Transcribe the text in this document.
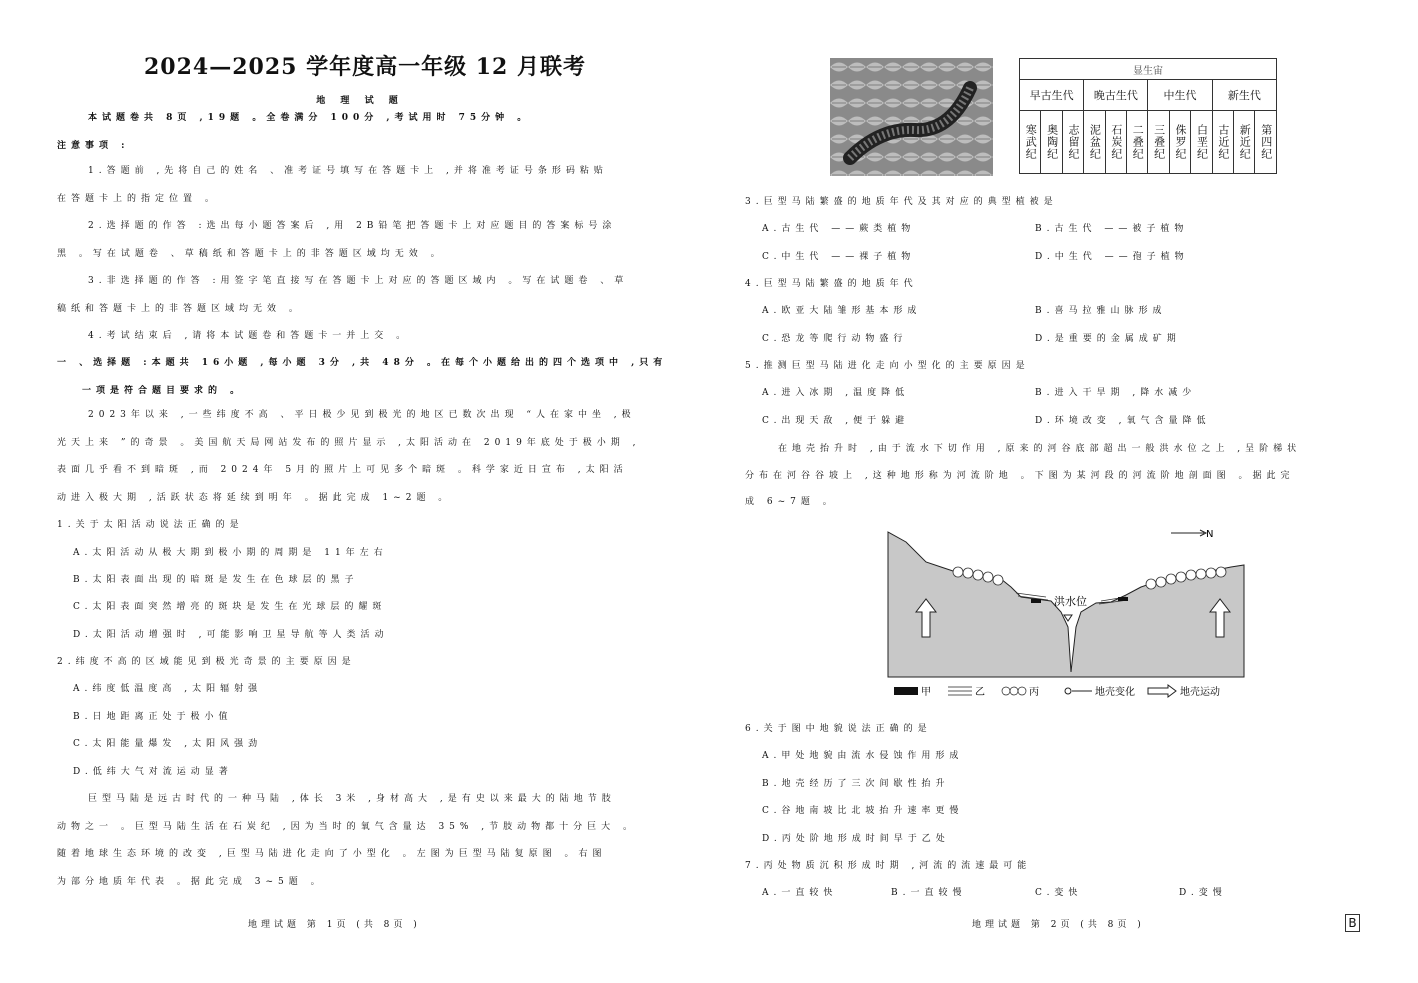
2024—2025 学年度高一年级 12 月联考
地 理 试 题
本试题卷共 8页 ,19题 。全卷满分 100分 ,考试用时 75分钟 。
注意事项 :
1.答题前 ,先将自己的姓名 、准考证号填写在答题卡上 ,并将准考证号条形码粘贴
在答题卡上的指定位置 。
2.选择题的作答 :选出每小题答案后 ,用 2B铅笔把答题卡上对应题目的答案标号涂
黑 。写在试题卷 、草稿纸和答题卡上的非答题区域均无效 。
3.非选择题的作答 :用签字笔直接写在答题卡上对应的答题区域内 。写在试题卷 、草
稿纸和答题卡上的非答题区域均无效 。
4.考试结束后 ,请将本试题卷和答题卡一并上交 。
一 、选择题 :本题共 16小题 ,每小题 3分 ,共 48分 。在每个小题给出的四个选项中 ,只有
一项是符合题目要求的 。
2023年以来 ,一些纬度不高 、平日极少见到极光的地区已数次出现 “人在家中坐 ,极
光天上来 ”的奇景 。美国航天局网站发布的照片显示 ,太阳活动在 2019年底处于极小期 ,
表面几乎看不到暗斑 ,而 2024年 5月的照片上可见多个暗斑 。科学家近日宣布 ,太阳活
动进入极大期 ,活跃状态将延续到明年 。据此完成 1~2题 。
1.关于太阳活动说法正确的是
A.太阳活动从极大期到极小期的周期是 11年左右
B.太阳表面出现的暗斑是发生在色球层的黑子
C.太阳表面突然增亮的斑块是发生在光球层的耀斑
D.太阳活动增强时 ,可能影响卫星导航等人类活动
2.纬度不高的区域能见到极光奇景的主要原因是
A.纬度低温度高 ,太阳辐射强
B.日地距离正处于极小值
C.太阳能量爆发 ,太阳风强劲
D.低纬大气对流运动显著
巨型马陆是远古时代的一种马陆 ,体长 3米 ,身材高大 ,是有史以来最大的陆地节肢
动物之一 。巨型马陆生活在石炭纪 ,因为当时的氧气含量达 35% ,节肢动物都十分巨大 。
随着地球生态环境的改变 ,巨型马陆进化走向了小型化 。左图为巨型马陆复原图 。右图
为部分地质年代表 。据此完成 3~5题 。
地理试题 第 1页 (共 8页 )
显生宙											
早古生代			晚古生代			中生代			新生代		
寒武纪	奥陶纪	志留纪	泥盆纪	石炭纪	二叠纪	三叠纪	侏罗纪	白垩纪	古近纪	新近纪	第四纪
3.巨型马陆繁盛的地质年代及其对应的典型植被是
A.古生代 ——蕨类植物	B.古生代 ——被子植物
C.中生代 ——裸子植物	D.中生代 ——孢子植物
4.巨型马陆繁盛的地质年代
A.欧亚大陆雏形基本形成	B.喜马拉雅山脉形成
C.恐龙等爬行动物盛行	D.是重要的金属成矿期
5.推测巨型马陆进化走向小型化的主要原因是
A.进入冰期 ,温度降低	B.进入干旱期 ,降水减少
C.出现天敌 ,便于躲避	D.环境改变 ,氧气含量降低
在地壳抬升时 ,由于流水下切作用 ,原来的河谷底部超出一般洪水位之上 ,呈阶梯状
分布在河谷谷坡上 ,这种地形称为河流阶地 。下图为某河段的河流阶地剖面图 。据此完
成 6~7题 。
洪水位
N
甲	乙	丙	地壳变化	地壳运动
6.关于图中地貌说法正确的是
A.甲处地貌由流水侵蚀作用形成
B.地壳经历了三次间歇性抬升
C.谷地南坡比北坡抬升速率更慢
D.丙处阶地形成时间早于乙处
7.丙处物质沉积形成时期 ,河流的流速最可能
A.一直较快	B.一直较慢	C.变快	D.变慢
地理试题 第 2页 (共 8页 )	B
